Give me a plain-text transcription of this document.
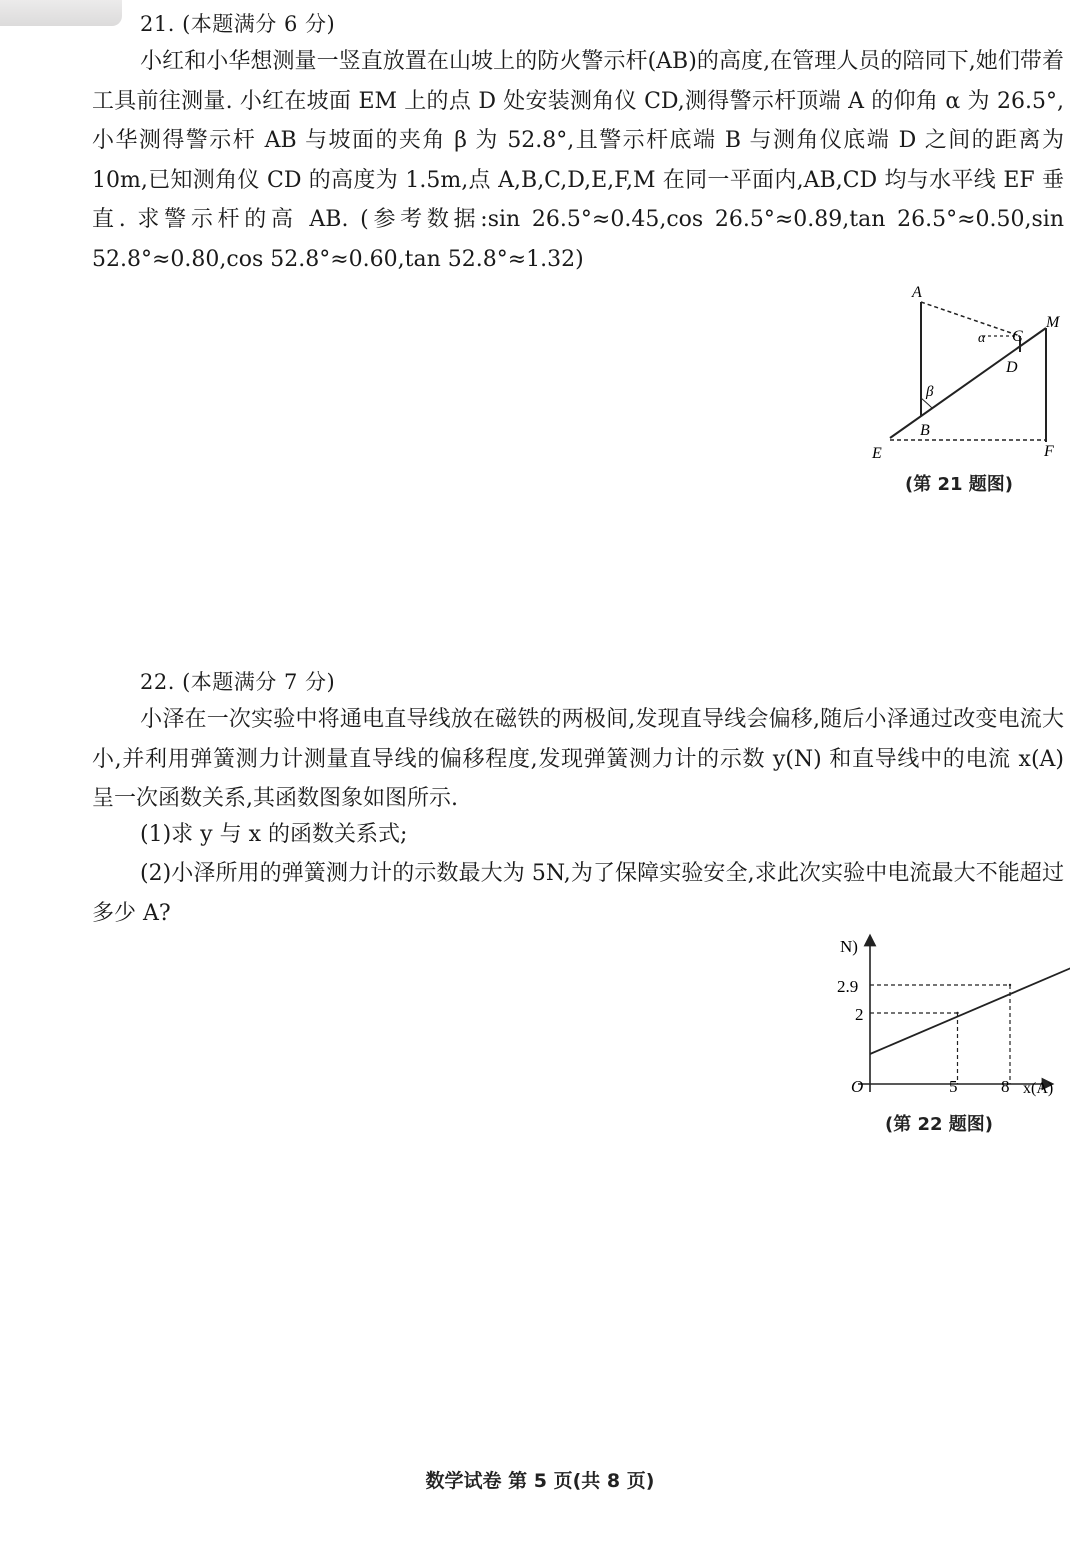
21. (本题满分 6 分)
小红和小华想测量一竖直放置在山坡上的防火警示杆(AB)的高度,在管理人员的陪同下,她们带着工具前往测量. 小红在坡面 EM 上的点 D 处安装测角仪 CD,测得警示杆顶端 A 的仰角 α 为 26.5°,小华测得警示杆 AB 与坡面的夹角 β 为 52.8°,且警示杆底端 B 与测角仪底端 D 之间的距离为 10m,已知测角仪 CD 的高度为 1.5m,点 A,B,C,D,E,F,M 在同一平面内,AB,CD 均与水平线 EF 垂直. 求警示杆的高 AB. (参考数据:sin 26.5°≈0.45,cos 26.5°≈0.89,tan 26.5°≈0.50,sin 52.8°≈0.80,cos 52.8°≈0.60,tan 52.8°≈1.32)
A
M
α C
D
β
B
E	F
(第 21 题图)
22. (本题满分 7 分)
小泽在一次实验中将通电直导线放在磁铁的两极间,发现直导线会偏移,随后小泽通过改变电流大小,并利用弹簧测力计测量直导线的偏移程度,发现弹簧测力计的示数 y(N) 和直导线中的电流 x(A) 呈一次函数关系,其函数图象如图所示.
(1)求 y 与 x 的函数关系式;
(2)小泽所用的弹簧测力计的示数最大为 5N,为了保障实验安全,求此次实验中电流最大不能超过多少 A?
N)
x(A)
O
2.9
2
5	8
(第 22 题图)
数学试卷 第 5 页(共 8 页)
